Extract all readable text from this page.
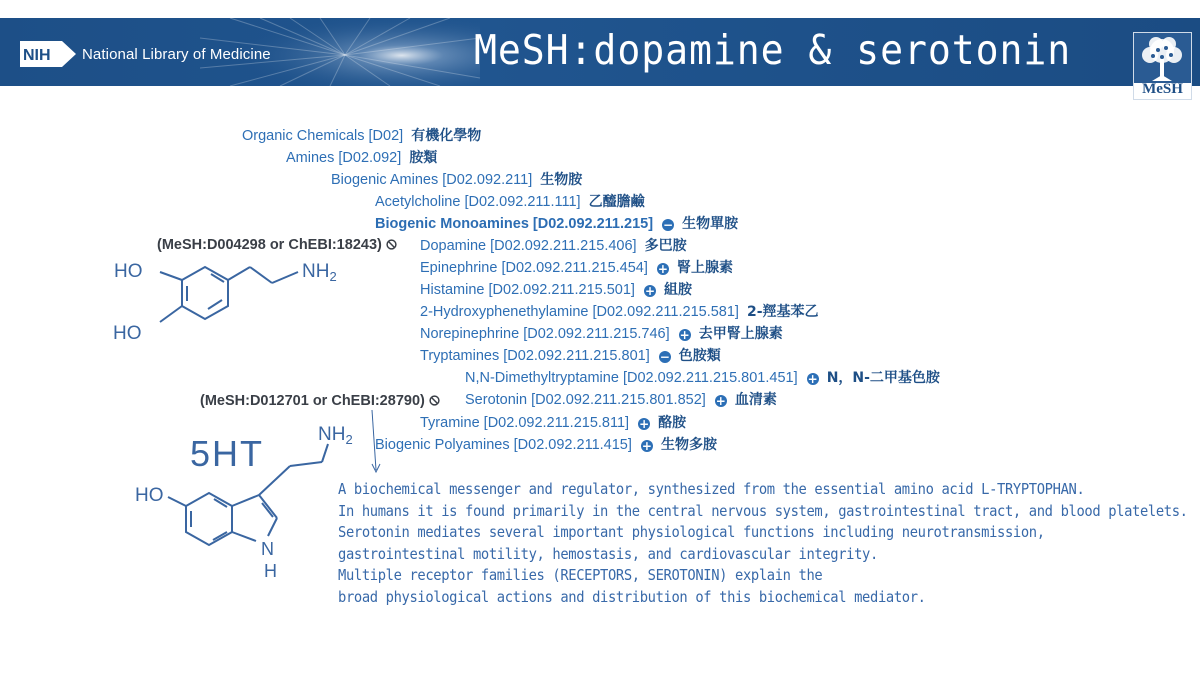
NIH National Library of Medicine	MeSH:dopamine & serotonin
MeSH
Organic Chemicals [D02] 有機化學物
Amines [D02.092] 胺類
Biogenic Amines [D02.092.211] 生物胺
Acetylcholine [D02.092.211.111] 乙醯膽鹼
Biogenic Monoamines [D02.092.211.215] − 生物單胺
Dopamine [D02.092.211.215.406] 多巴胺
Epinephrine [D02.092.211.215.454] + 腎上腺素
Histamine [D02.092.211.215.501] + 組胺
2-Hydroxyphenethylamine [D02.092.211.215.581] 2-羥基苯乙
Norepinephrine [D02.092.211.215.746] + 去甲腎上腺素
Tryptamines [D02.092.211.215.801] − 色胺類
N,N-Dimethyltryptamine [D02.092.211.215.801.451] + N，N-二甲基色胺
Serotonin [D02.092.211.215.801.852] + 血清素
Tyramine [D02.092.211.215.811] + 酪胺
Biogenic Polyamines [D02.092.211.415] + 生物多胺
(MeSH:D004298 or ChEBI:18243)
(MeSH:D012701 or ChEBI:28790)
HO
HO
$NH_2$
5HT	$NH_2$
HO
N
H
A biochemical messenger and regulator, synthesized from the essential amino acid L-TRYPTOPHAN.
In humans it is found primarily in the central nervous system, gastrointestinal tract, and blood platelets.
Serotonin mediates several important physiological functions including neurotransmission,
gastrointestinal motility, hemostasis, and cardiovascular integrity.
Multiple receptor families (RECEPTORS, SEROTONIN) explain the
broad physiological actions and distribution of this biochemical mediator.
